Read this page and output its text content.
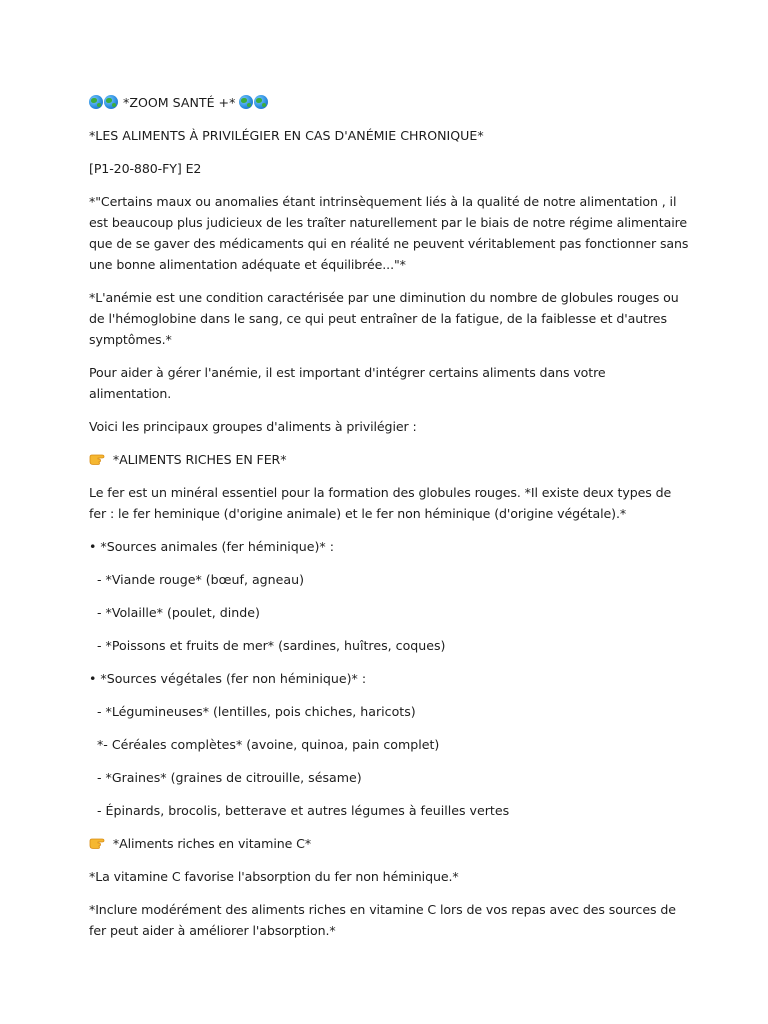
*ZOOM SANTÉ +*

*LES ALIMENTS À PRIVILÉGIER EN CAS D'ANÉMIE CHRONIQUE*

[P1-20-880-FY] E2

*"Certains maux ou anomalies étant intrinsèquement liés à la qualité de notre alimentation , il est beaucoup plus judicieux de les traîter naturellement par le biais de notre régime alimentaire que de se gaver des médicaments qui en réalité ne peuvent véritablement pas fonctionner sans une bonne alimentation adéquate et équilibrée..."*

*L'anémie est une condition caractérisée par une diminution du nombre de globules rouges ou de l'hémoglobine dans le sang, ce qui peut entraîner de la fatigue, de la faiblesse et d'autres symptômes.*

Pour aider à gérer l'anémie, il est important d'intégrer certains aliments dans votre alimentation.

Voici les principaux groupes d'aliments à privilégier :

*ALIMENTS RICHES EN FER*

Le fer est un minéral essentiel pour la formation des globules rouges. *Il existe deux types de fer : le fer heminique (d'origine animale) et le fer non héminique (d'origine végétale).*

• *Sources animales (fer héminique)* :

- *Viande rouge* (bœuf, agneau)

- *Volaille* (poulet, dinde)

- *Poissons et fruits de mer* (sardines, huîtres, coques)

• *Sources végétales (fer non héminique)* :

- *Légumineuses* (lentilles, pois chiches, haricots)

*- Céréales complètes* (avoine, quinoa, pain complet)

- *Graines* (graines de citrouille, sésame)

- Épinards, brocolis, betterave et autres légumes à feuilles vertes

*Aliments riches en vitamine C*

*La vitamine C favorise l'absorption du fer non héminique.*

*Inclure modérément des aliments riches en vitamine C lors de vos repas avec des sources de fer peut aider à améliorer l'absorption.*
